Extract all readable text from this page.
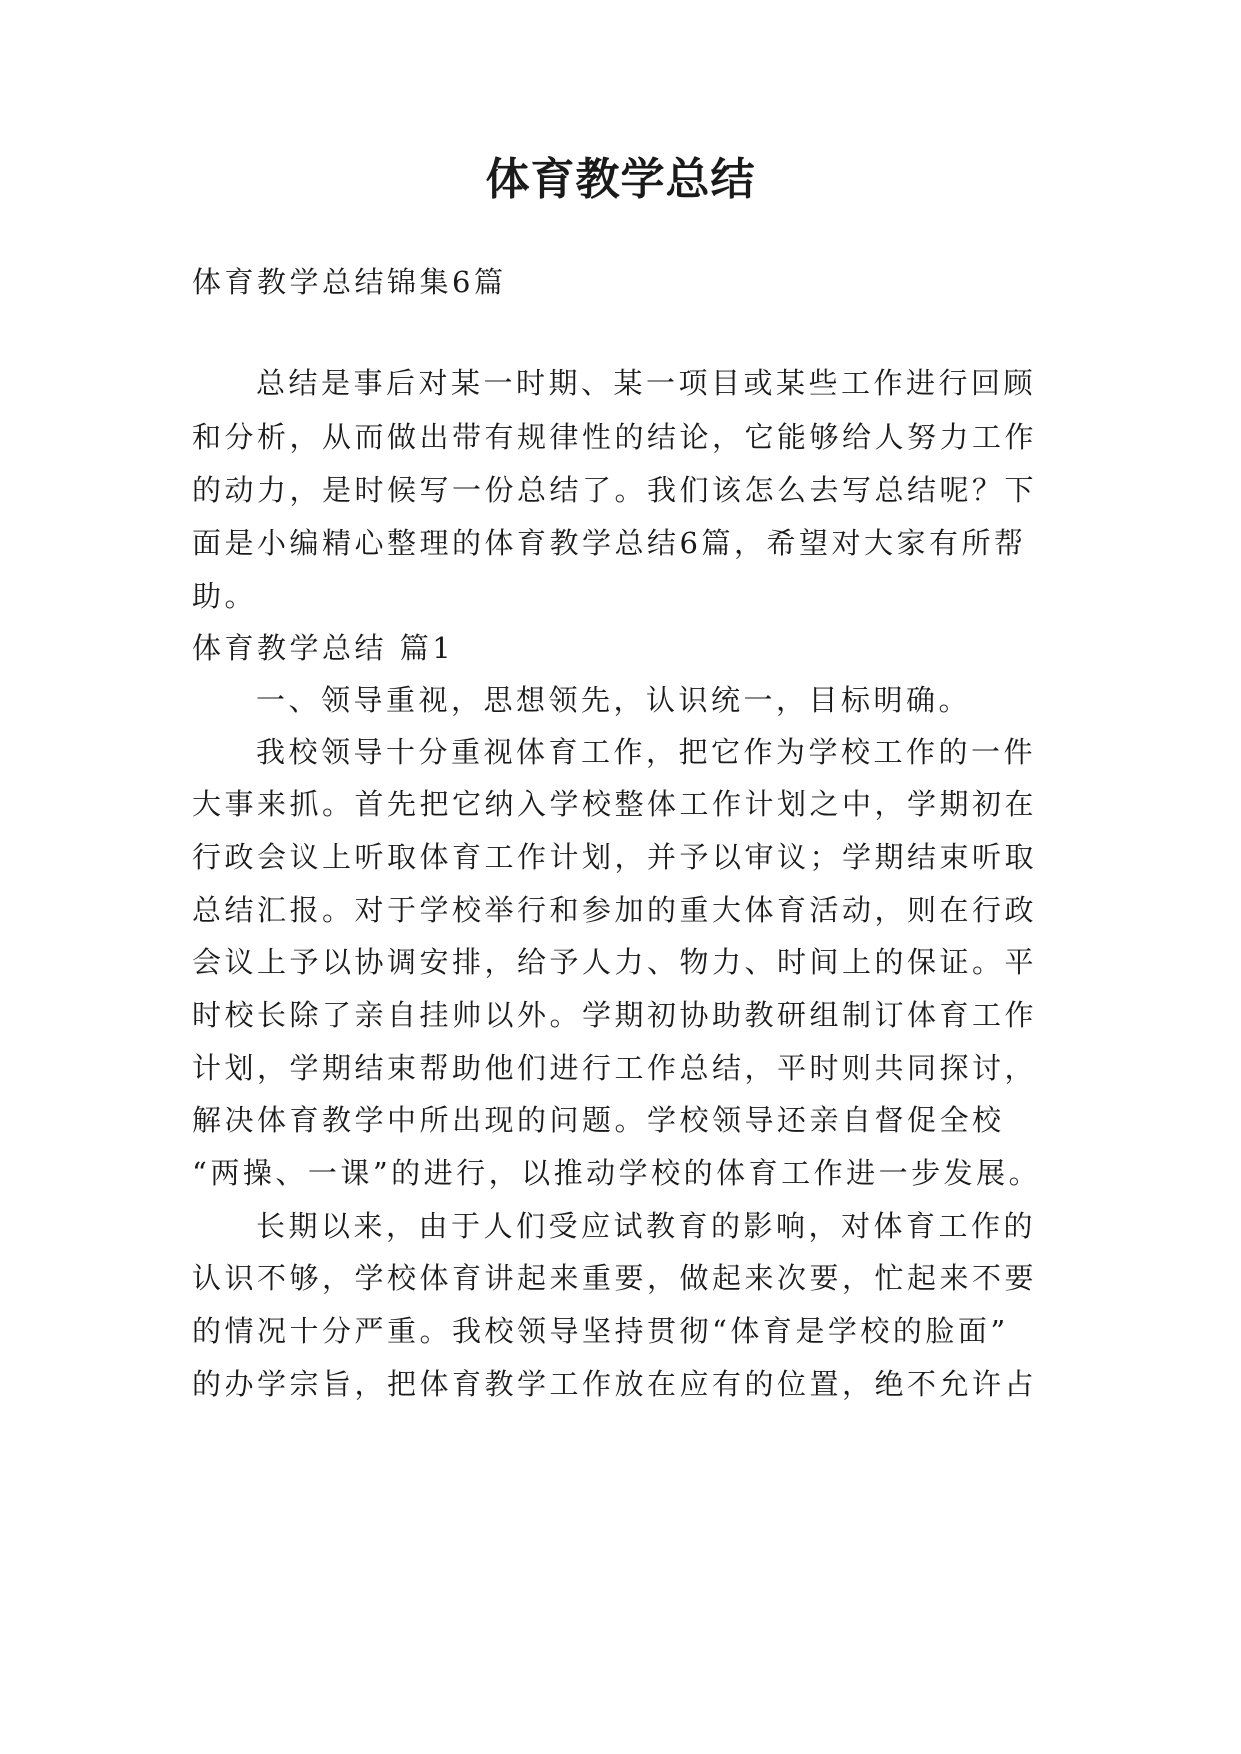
体育教学总结
体育教学总结锦集6篇
总结是事后对某一时期、某一项目或某些工作进行回顾
和分析，从而做出带有规律性的结论，它能够给人努力工作
的动力，是时候写一份总结了。我们该怎么去写总结呢？下
面是小编精心整理的体育教学总结6篇，希望对大家有所帮
助。
体育教学总结 篇1
一、领导重视，思想领先，认识统一，目标明确。
我校领导十分重视体育工作，把它作为学校工作的一件
大事来抓。首先把它纳入学校整体工作计划之中，学期初在
行政会议上听取体育工作计划，并予以审议；学期结束听取
总结汇报。对于学校举行和参加的重大体育活动，则在行政
会议上予以协调安排，给予人力、物力、时间上的保证。平
时校长除了亲自挂帅以外。学期初协助教研组制订体育工作
计划，学期结束帮助他们进行工作总结，平时则共同探讨，
解决体育教学中所出现的问题。学校领导还亲自督促全校
“两操、一课”的进行，以推动学校的体育工作进一步发展。
长期以来，由于人们受应试教育的影响，对体育工作的
认识不够，学校体育讲起来重要，做起来次要，忙起来不要
的情况十分严重。我校领导坚持贯彻“体育是学校的脸面”
的办学宗旨，把体育教学工作放在应有的位置，绝不允许占
